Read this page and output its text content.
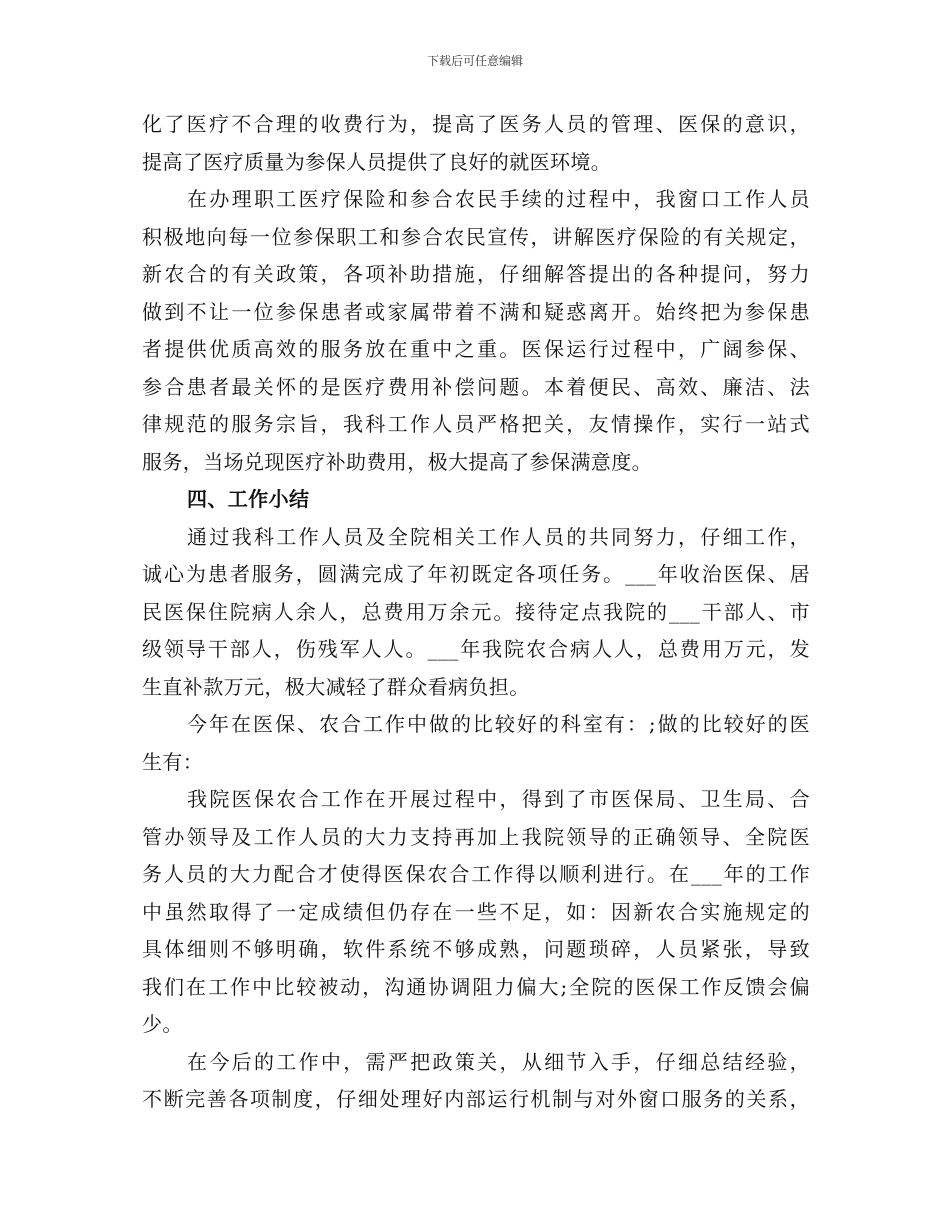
下载后可任意编辑
化了医疗不合理的收费行为，提高了医务人员的管理、医保的意识，
提高了医疗质量为参保人员提供了良好的就医环境。
在办理职工医疗保险和参合农民手续的过程中，我窗口工作人员
积极地向每一位参保职工和参合农民宣传，讲解医疗保险的有关规定，
新农合的有关政策，各项补助措施，仔细解答提出的各种提问，努力
做到不让一位参保患者或家属带着不满和疑惑离开。始终把为参保患
者提供优质高效的服务放在重中之重。医保运行过程中，广阔参保、
参合患者最关怀的是医疗费用补偿问题。本着便民、高效、廉洁、法
律规范的服务宗旨，我科工作人员严格把关，友情操作，实行一站式
服务，当场兑现医疗补助费用，极大提高了参保满意度。
四、工作小结
通过我科工作人员及全院相关工作人员的共同努力，仔细工作，
诚心为患者服务，圆满完成了年初既定各项任务。___年收治医保、居
民医保住院病人余人，总费用万余元。接待定点我院的___干部人、市
级领导干部人，伤残军人人。___年我院农合病人人，总费用万元，发
生直补款万元，极大减轻了群众看病负担。
今年在医保、农合工作中做的比较好的科室有：;做的比较好的医
生有：
我院医保农合工作在开展过程中，得到了市医保局、卫生局、合
管办领导及工作人员的大力支持再加上我院领导的正确领导、全院医
务人员的大力配合才使得医保农合工作得以顺利进行。在___年的工作
中虽然取得了一定成绩但仍存在一些不足，如：因新农合实施规定的
具体细则不够明确，软件系统不够成熟，问题琐碎，人员紧张，导致
我们在工作中比较被动，沟通协调阻力偏大;全院的医保工作反馈会偏
少。
在今后的工作中，需严把政策关，从细节入手，仔细总结经验，
不断完善各项制度，仔细处理好内部运行机制与对外窗口服务的关系，
